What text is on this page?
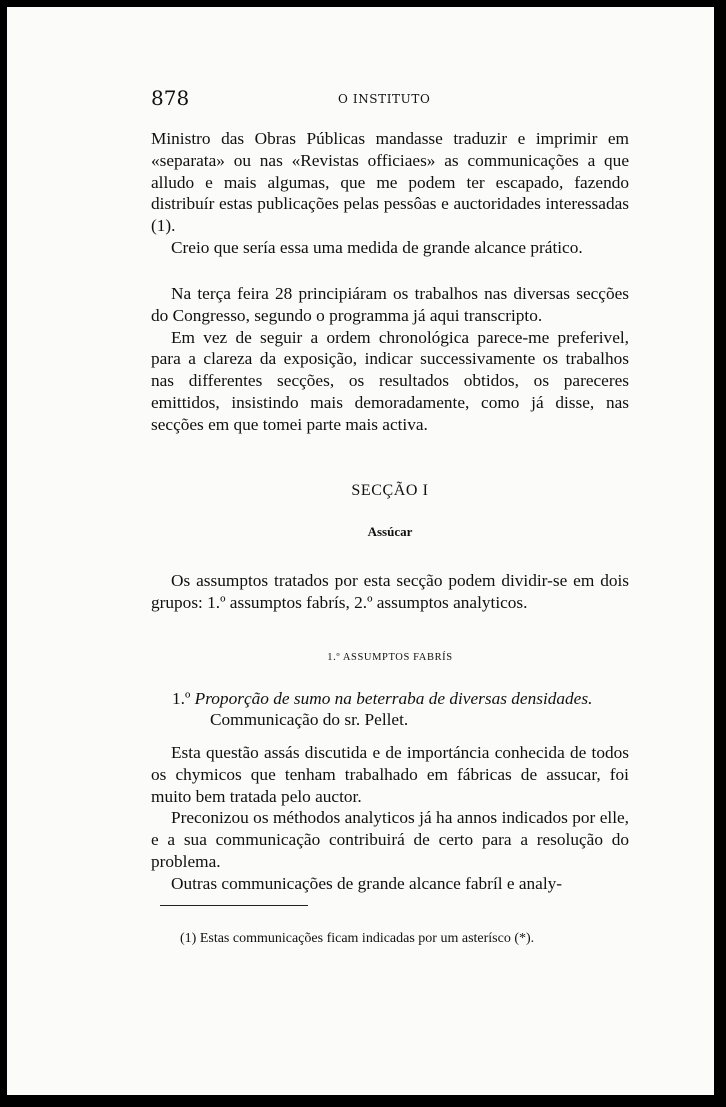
878	O INSTITUTO

Ministro das Obras Públicas mandasse traduzir e imprimir em «separata» ou nas «Revistas officiaes» as communicações a que alludo e mais algumas, que me podem ter escapado, fazendo distribuír estas publicações pelas pessôas e auctoridades interessadas (1).

Creio que sería essa uma medida de grande alcance prático.

Na terça feira 28 principiáram os trabalhos nas diversas secções do Congresso, segundo o programma já aqui transcripto.

Em vez de seguir a ordem chronológica parece-me preferivel, para a clareza da exposição, indicar successivamente os trabalhos nas differentes secções, os resultados obtidos, os pareceres emittidos, insistindo mais demoradamente, como já disse, nas secções em que tomei parte mais activa.

SECÇÃO I
Assúcar

Os assumptos tratados por esta secção podem dividir-se em dois grupos: 1.º assumptos fabrís, 2.º assumptos analyticos.

1.º ASSUMPTOS FABRÍS
1.º Proporção de sumo na beterraba de diversas densidades.
Communicação do sr. Pellet.

Esta questão assás discutida e de importáncia conhecida de todos os chymicos que tenham trabalhado em fábricas de assucar, foi muito bem tratada pelo auctor.

Preconizou os méthodos analyticos já ha annos indicados por elle, e a sua communicação contribuirá de certo para a resolução do problema.

Outras communicações de grande alcance fabríl e analy-

(1) Estas communicações ficam indicadas por um asterísco (*).
